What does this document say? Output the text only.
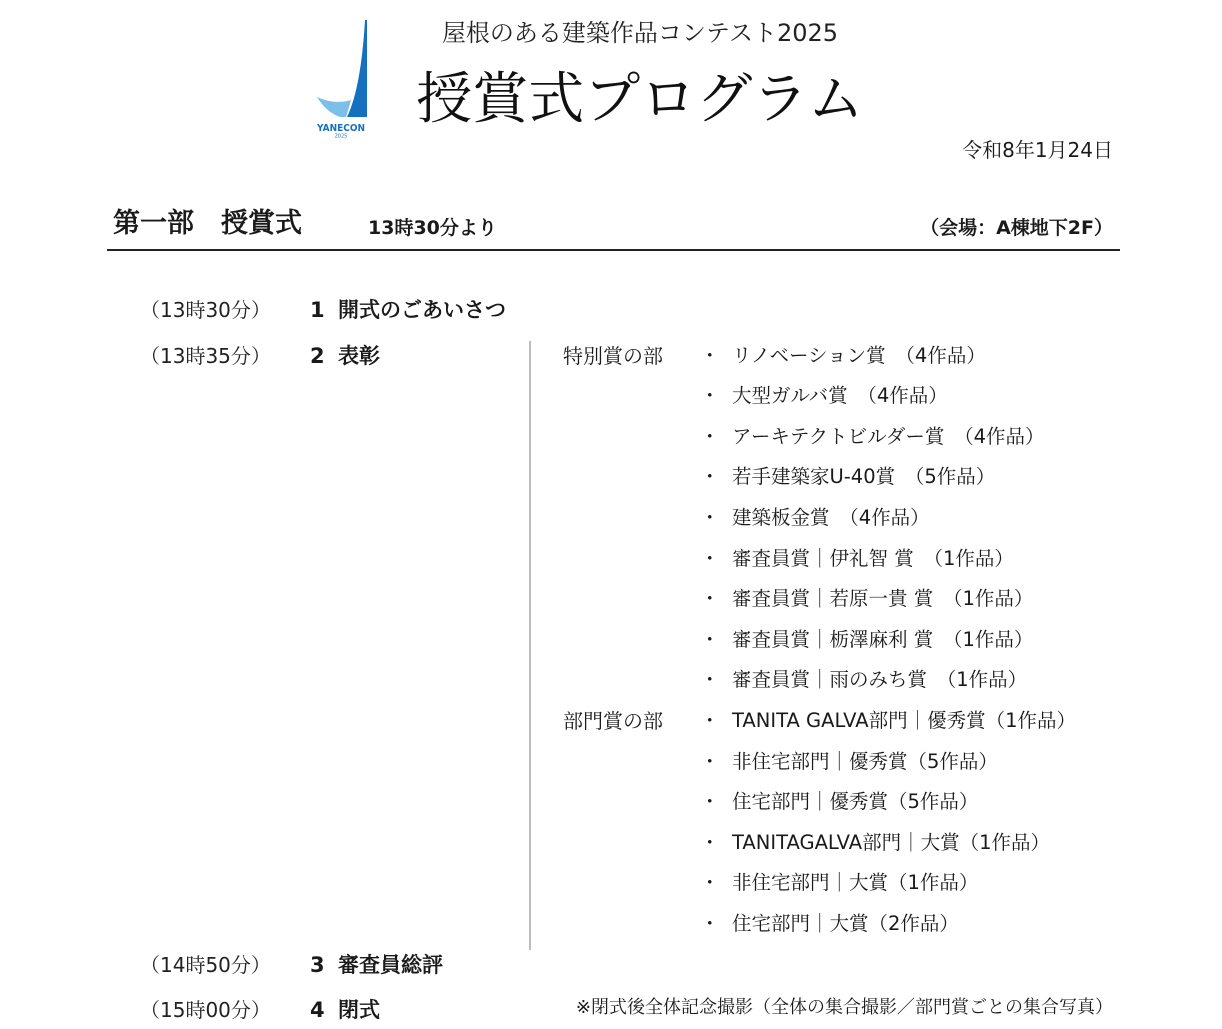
YANECON
2025
屋根のある建築作品コンテスト2025
授賞式プログラム
令和8年1月24日
第一部　授賞式	13時30分より	（会場：A棟地下2F）
（13時30分） 1 開式のごあいさつ
（13時35分） 2 表彰
（14時50分） 3 審査員総評
（15時00分） 4 閉式
特別賞の部 ・ リノベーション賞　（4作品）
・ 大型ガルバ賞　（4作品）
・ アーキテクトビルダー賞　（4作品）
・ 若手建築家U-40賞　（5作品）
・ 建築板金賞　（4作品）
・ 審査員賞｜伊礼智 賞　（1作品）
・ 審査員賞｜若原一貴 賞　（1作品）
・ 審査員賞｜栃澤麻利 賞　（1作品）
・ 審査員賞｜雨のみち賞　（1作品）
部門賞の部 ・ TANITA GALVA部門｜優秀賞（1作品）
・ 非住宅部門｜優秀賞（5作品）
・ 住宅部門｜優秀賞（5作品）
・ TANITAGALVA部門｜大賞（1作品）
・ 非住宅部門｜大賞（1作品）
・ 住宅部門｜大賞（2作品）
※閉式後全体記念撮影（全体の集合撮影／部門賞ごとの集合写真）
